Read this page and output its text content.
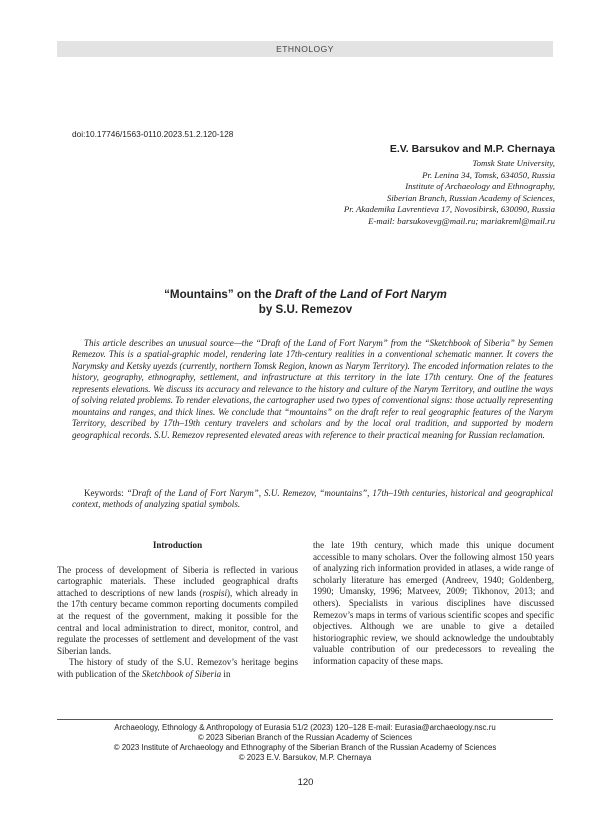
ETHNOLOGY
doi:10.17746/1563-0110.2023.51.2.120-128
E.V. Barsukov and M.P. Chernaya
Tomsk State University,
Pr. Lenina 34, Tomsk, 634050, Russia
Institute of Archaeology and Ethnography,
Siberian Branch, Russian Academy of Sciences,
Pr. Akademika Lavrentieva 17, Novosibirsk, 630090, Russia
E-mail: barsukovevg@mail.ru; mariakreml@mail.ru
“Mountains” on the Draft of the Land of Fort Narym
by S.U. Remezov
This article describes an unusual source—the “Draft of the Land of Fort Narym” from the “Sketchbook of Siberia” by Semen Remezov. This is a spatial-graphic model, rendering late 17th-century realities in a conventional schematic manner. It covers the Narymsky and Ketsky uyezds (currently, northern Tomsk Region, known as Narym Territory). The encoded information relates to the history, geography, ethnography, settlement, and infrastructure at this territory in the late 17th century. One of the features represents elevations. We discuss its accuracy and relevance to the history and culture of the Narym Territory, and outline the ways of solving related problems. To render elevations, the cartographer used two types of conventional signs: those actually representing mountains and ranges, and thick lines. We conclude that “mountains” on the draft refer to real geographic features of the Narym Territory, described by 17th–19th century travelers and scholars and by the local oral tradition, and supported by modern geographical records. S.U. Remezov represented elevated areas with reference to their practical meaning for Russian reclamation.
Keywords: “Draft of the Land of Fort Narym”, S.U. Remezov, “mountains”, 17th–19th centuries, historical and geographical context, methods of analyzing spatial symbols.
Introduction

The process of development of Siberia is reflected in various cartographic materials. These included geographical drafts attached to descriptions of new lands (rospisi), which already in the 17th century became common reporting documents compiled at the request of the government, making it possible for the central and local administration to direct, monitor, control, and regulate the processes of settlement and development of the vast Siberian lands.

The history of study of the S.U. Remezov’s heritage begins with publication of the Sketchbook of Siberia in

the late 19th century, which made this unique document accessible to many scholars. Over the following almost 150 years of analyzing rich information provided in atlases, a wide range of scholarly literature has emerged (Andreev, 1940; Goldenberg, 1990; Umansky, 1996; Matveev, 2009; Tikhonov, 2013; and others). Specialists in various disciplines have discussed Remezov’s maps in terms of various scientific scopes and specific objectives. Although we are unable to give a detailed historiographic review, we should acknowledge the undoubtably valuable contribution of our predecessors to revealing the information capacity of these maps.

Archaeology, Ethnology & Anthropology of Eurasia 51/2 (2023) 120–128 E-mail: Eurasia@archaeology.nsc.ru
© 2023 Siberian Branch of the Russian Academy of Sciences
© 2023 Institute of Archaeology and Ethnography of the Siberian Branch of the Russian Academy of Sciences
© 2023 E.V. Barsukov, M.P. Chernaya
120
